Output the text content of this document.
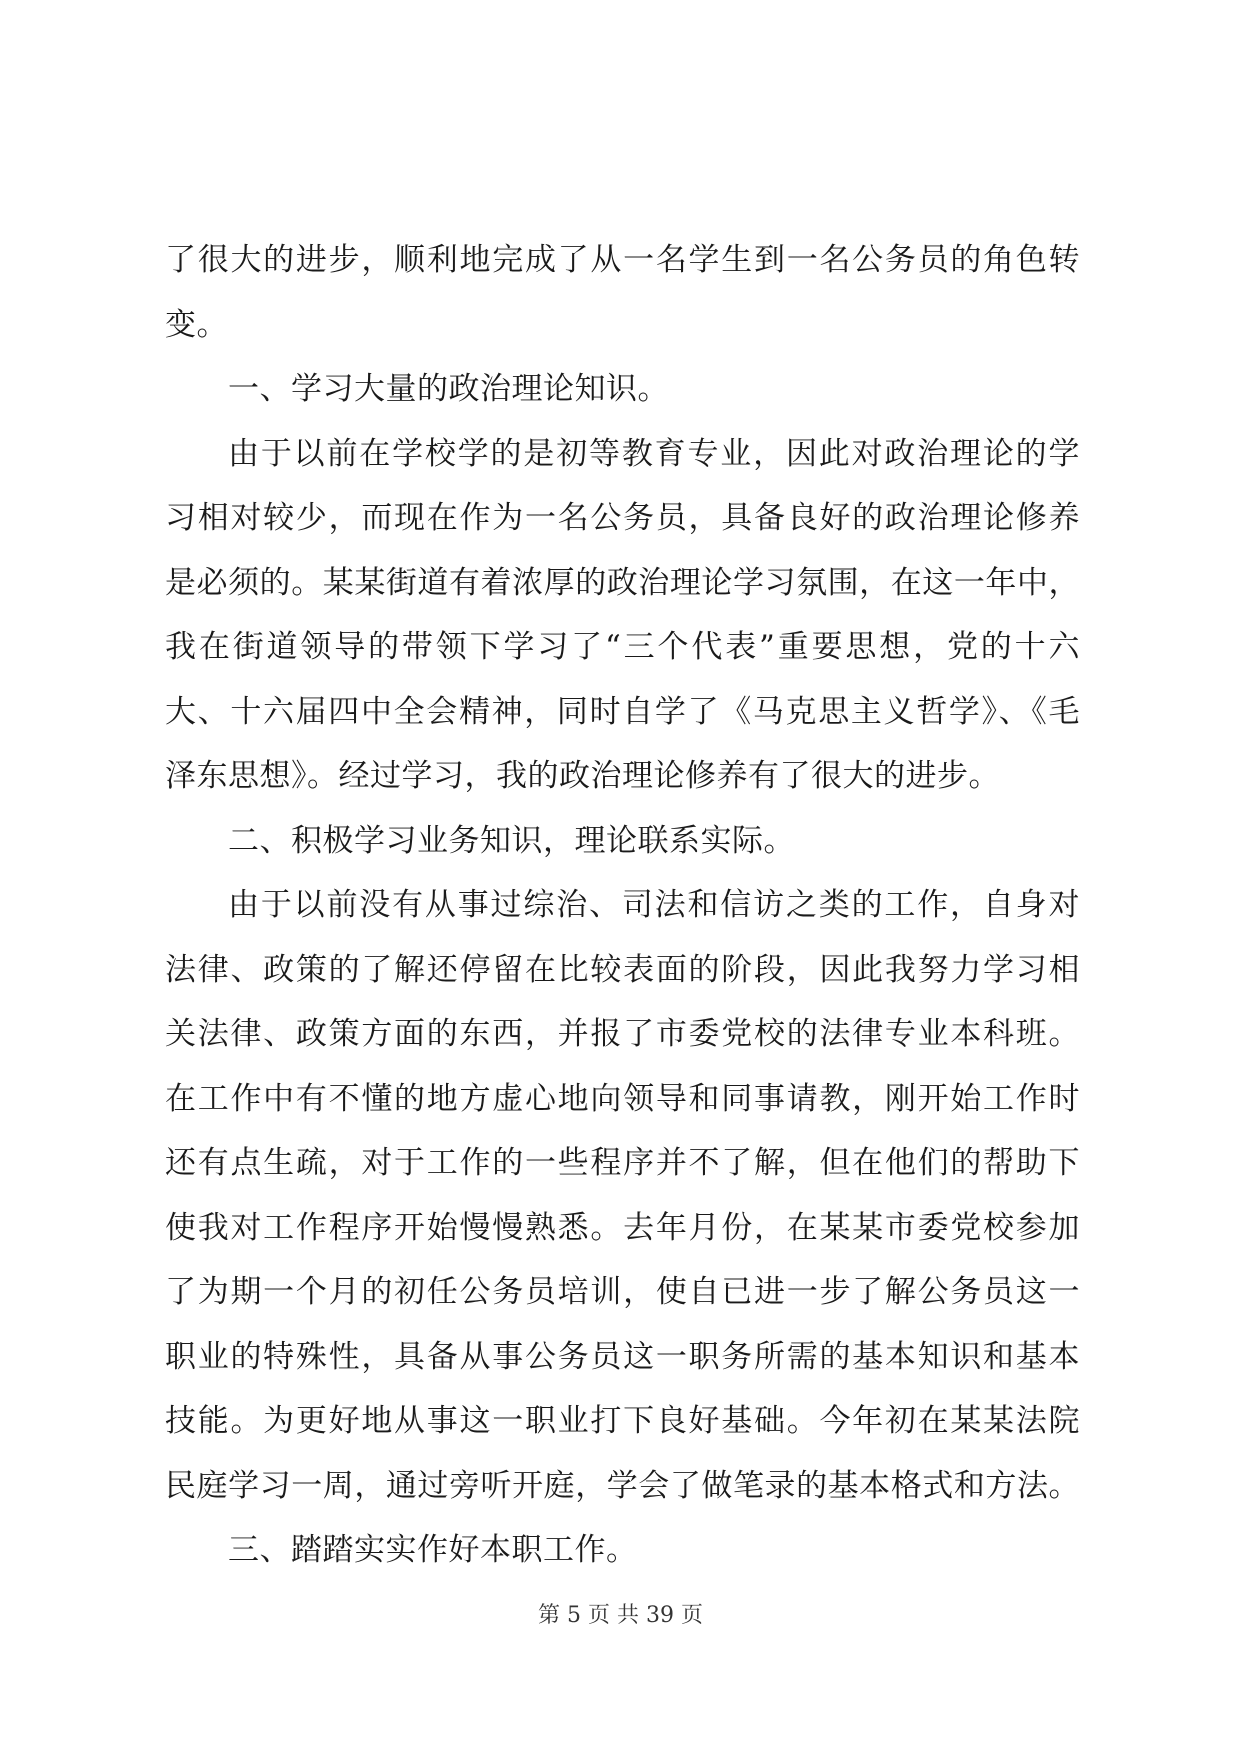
了很大的进步，顺利地完成了从一名学生到一名公务员的角色转
变。
一、学习大量的政治理论知识。
由于以前在学校学的是初等教育专业，因此对政治理论的学
习相对较少，而现在作为一名公务员，具备良好的政治理论修养
是必须的。某某街道有着浓厚的政治理论学习氛围，在这一年中，
我在街道领导的带领下学习了“三个代表”重要思想，党的十六
大、十六届四中全会精神，同时自学了《马克思主义哲学》、《毛
泽东思想》。经过学习，我的政治理论修养有了很大的进步。
二、积极学习业务知识，理论联系实际。
由于以前没有从事过综治、司法和信访之类的工作，自身对
法律、政策的了解还停留在比较表面的阶段，因此我努力学习相
关法律、政策方面的东西，并报了市委党校的法律专业本科班。
在工作中有不懂的地方虚心地向领导和同事请教，刚开始工作时
还有点生疏，对于工作的一些程序并不了解，但在他们的帮助下
使我对工作程序开始慢慢熟悉。去年月份，在某某市委党校参加
了为期一个月的初任公务员培训，使自已进一步了解公务员这一
职业的特殊性，具备从事公务员这一职务所需的基本知识和基本
技能。为更好地从事这一职业打下良好基础。今年初在某某法院
民庭学习一周，通过旁听开庭，学会了做笔录的基本格式和方法。
三、踏踏实实作好本职工作。
第 5 页 共 39 页
